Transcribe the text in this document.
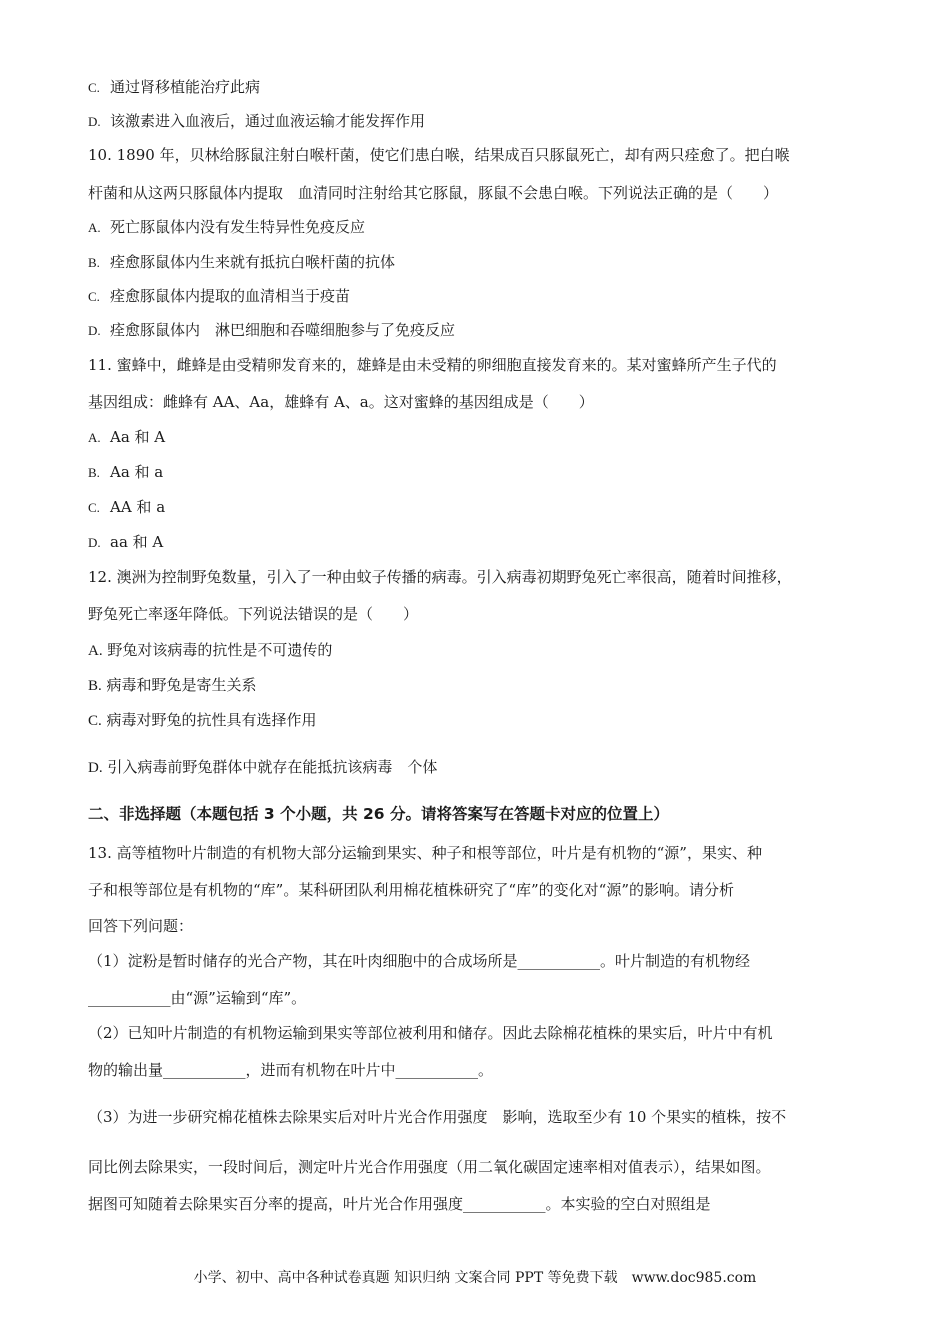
C. 通过肾移植能治疗此病
D. 该激素进入血液后，通过血液运输才能发挥作用
10. 1890 年，贝林给豚鼠注射白喉杆菌，使它们患白喉，结果成百只豚鼠死亡，却有两只痊愈了。把白喉
杆菌和从这两只豚鼠体内提取　血清同时注射给其它豚鼠，豚鼠不会患白喉。下列说法正确的是（　　）
A. 死亡豚鼠体内没有发生特异性免疫反应
B. 痊愈豚鼠体内生来就有抵抗白喉杆菌的抗体
C. 痊愈豚鼠体内提取的血清相当于疫苗
D. 痊愈豚鼠体内　淋巴细胞和吞噬细胞参与了免疫反应
11. 蜜蜂中，雌蜂是由受精卵发育来的，雄蜂是由未受精的卵细胞直接发育来的。某对蜜蜂所产生子代的
基因组成：雌蜂有 AA、Aa，雄蜂有 A、a。这对蜜蜂的基因组成是（　　）
A. Aa 和 A
B. Aa 和 a
C. AA 和 a
D. aa 和 A
12. 澳洲为控制野兔数量，引入了一种由蚊子传播的病毒。引入病毒初期野兔死亡率很高，随着时间推移，
野兔死亡率逐年降低。下列说法错误的是（　　）
A. 野兔对该病毒的抗性是不可遗传的
B. 病毒和野兔是寄生关系
C. 病毒对野兔的抗性具有选择作用
D. 引入病毒前野兔群体中就存在能抵抗该病毒　个体
二、非选择题（本题包括 3 个小题，共 26 分。请将答案写在答题卡对应的位置上）
13. 高等植物叶片制造的有机物大部分运输到果实、种子和根等部位，叶片是有机物的“源”，果实、种
子和根等部位是有机物的“库”。某科研团队利用棉花植株研究了“库”的变化对“源”的影响。请分析
回答下列问题：
（1）淀粉是暂时储存的光合产物，其在叶肉细胞中的合成场所是___________。叶片制造的有机物经
___________由“源”运输到“库”。
（2）已知叶片制造的有机物运输到果实等部位被利用和储存。因此去除棉花植株的果实后，叶片中有机
物的输出量___________，进而有机物在叶片中___________。
（3）为进一步研究棉花植株去除果实后对叶片光合作用强度　影响，选取至少有 10 个果实的植株，按不
同比例去除果实，一段时间后，测定叶片光合作用强度（用二氧化碳固定速率相对值表示），结果如图。
据图可知随着去除果实百分率的提高，叶片光合作用强度___________。本实验的空白对照组是
小学、初中、高中各种试卷真题 知识归纳 文案合同 PPT 等免费下载　www.doc985.com
